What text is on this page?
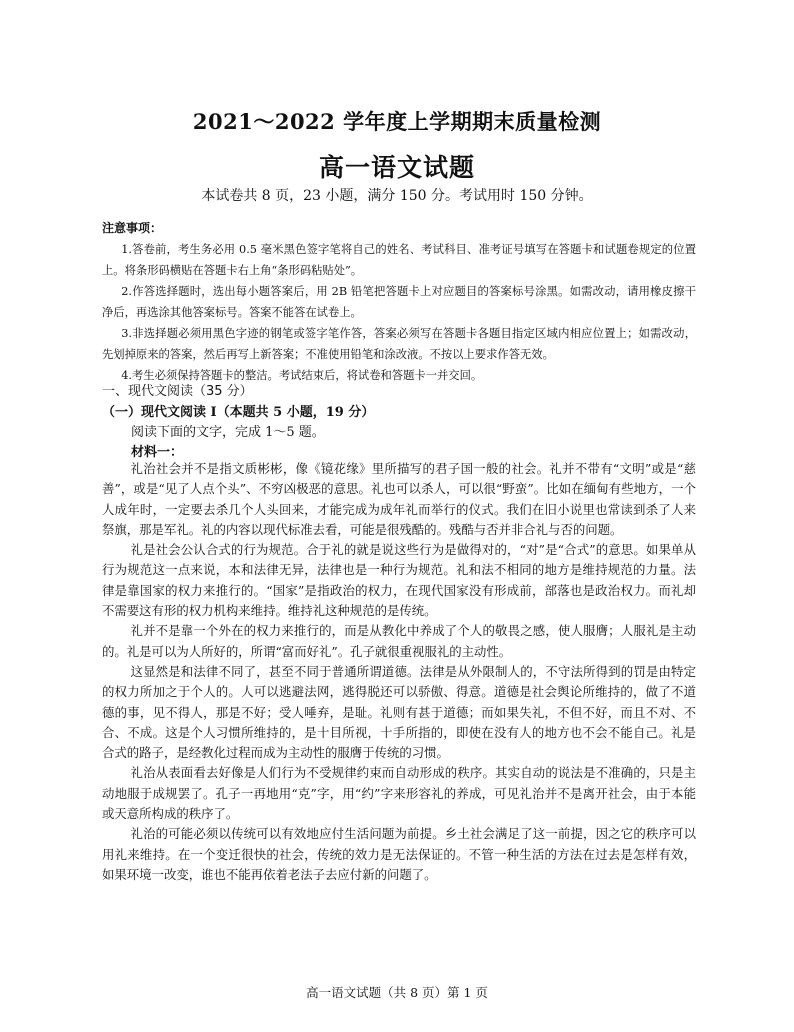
2021～2022 学年度上学期期末质量检测
高一语文试题
本试卷共 8 页，23 小题，满分 150 分。考试用时 150 分钟。
注意事项：

1.答卷前，考生务必用 0.5 毫米黑色签字笔将自己的姓名、考试科目、准考证号填写在答题卡和试题卷规定的位置上。将条形码横贴在答题卡右上角“条形码粘贴处”。

2.作答选择题时，选出每小题答案后，用 2B 铅笔把答题卡上对应题目的答案标号涂黑。如需改动，请用橡皮擦干净后，再选涂其他答案标号。答案不能答在试卷上。

3.非选择题必须用黑色字迹的钢笔或签字笔作答，答案必须写在答题卡各题目指定区域内相应位置上；如需改动，先划掉原来的答案，然后再写上新答案；不准使用铅笔和涂改液。不按以上要求作答无效。

4.考生必须保持答题卡的整洁。考试结束后，将试卷和答题卡一并交回。

一、现代文阅读（35 分）
（一）现代文阅读 I（本题共 5 小题，19 分）
阅读下面的文字，完成 1～5 题。
材料一：

礼治社会并不是指文质彬彬，像《镜花缘》里所描写的君子国一般的社会。礼并不带有“文明”或是“慈善”，或是“见了人点个头”、不穷凶极恶的意思。礼也可以杀人，可以很“野蛮”。比如在缅甸有些地方，一个人成年时，一定要去杀几个人头回来，才能完成为成年礼而举行的仪式。我们在旧小说里也常读到杀了人来祭旗，那是军礼。礼的内容以现代标准去看，可能是很残酷的。残酷与否并非合礼与否的问题。

礼是社会公认合式的行为规范。合于礼的就是说这些行为是做得对的，“对”是“合式”的意思。如果单从行为规范这一点来说，本和法律无异，法律也是一种行为规范。礼和法不相同的地方是维持规范的力量。法律是靠国家的权力来推行的。“国家”是指政治的权力，在现代国家没有形成前，部落也是政治权力。而礼却不需要这有形的权力机构来维持。维持礼这种规范的是传统。

礼并不是靠一个外在的权力来推行的，而是从教化中养成了个人的敬畏之感，使人服膺；人服礼是主动的。礼是可以为人所好的，所谓“富而好礼”。孔子就很重视服礼的主动性。

这显然是和法律不同了，甚至不同于普通所谓道德。法律是从外限制人的，不守法所得到的罚是由特定的权力所加之于个人的。人可以逃避法网，逃得脱还可以骄傲、得意。道德是社会舆论所维持的，做了不道德的事，见不得人，那是不好；受人唾弃，是耻。礼则有甚于道德；而如果失礼，不但不好，而且不对、不合、不成。这是个人习惯所维持的，是十目所视，十手所指的，即使在没有人的地方也不会不能自己。礼是合式的路子，是经教化过程而成为主动性的服膺于传统的习惯。

礼治从表面看去好像是人们行为不受规律约束而自动形成的秩序。其实自动的说法是不准确的，只是主动地服于成规罢了。孔子一再地用“克”字，用“约”字来形容礼的养成，可见礼治并不是离开社会，由于本能或天意所构成的秩序了。

礼治的可能必须以传统可以有效地应付生活问题为前提。乡土社会满足了这一前提，因之它的秩序可以用礼来维持。在一个变迁很快的社会，传统的效力是无法保证的。不管一种生活的方法在过去是怎样有效，如果环境一改变，谁也不能再依着老法子去应付新的问题了。

高一语文试题（共 8 页）第 1 页
